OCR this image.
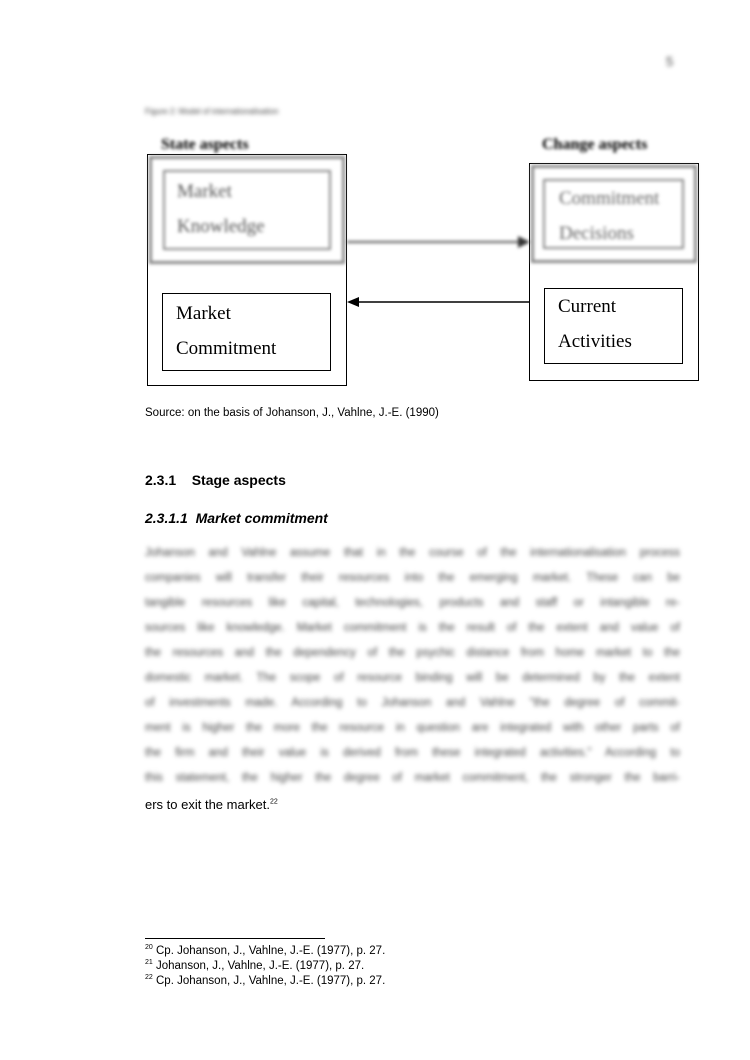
5
Figure 2: Model of internationalisation
State aspects	Change aspects
Market
Knowledge
Market
Commitment
Commitment
Decisions
Current
Activities
Source: on the basis of Johanson, J., Vahlne, J.-E. (1990)
2.3.1    Stage aspects
2.3.1.1  Market commitment
Johanson and Vahlne assume that in the course of the internationalisation process
companies will transfer their resources into the emerging market. These can be
tangible resources like capital, technologies, products and staff or intangible re-
sources like knowledge. Market commitment is the result of the extent and value of
the resources and the dependency of the psychic distance from home market to the
domestic market. The scope of resource binding will be determined by the extent
of investments made. According to Johanson and Vahlne "the degree of commit-
ment is higher the more the resource in question are integrated with other parts of
the firm and their value is derived from these integrated activities." According to
this statement, the higher the degree of market commitment, the stronger the barri-
ers to exit the market.$^{22}$
$^{20}$ Cp. Johanson, J., Vahlne, J.-E. (1977), p. 27.
$^{21}$ Johanson, J., Vahlne, J.-E. (1977), p. 27.
$^{22}$ Cp. Johanson, J., Vahlne, J.-E. (1977), p. 27.
